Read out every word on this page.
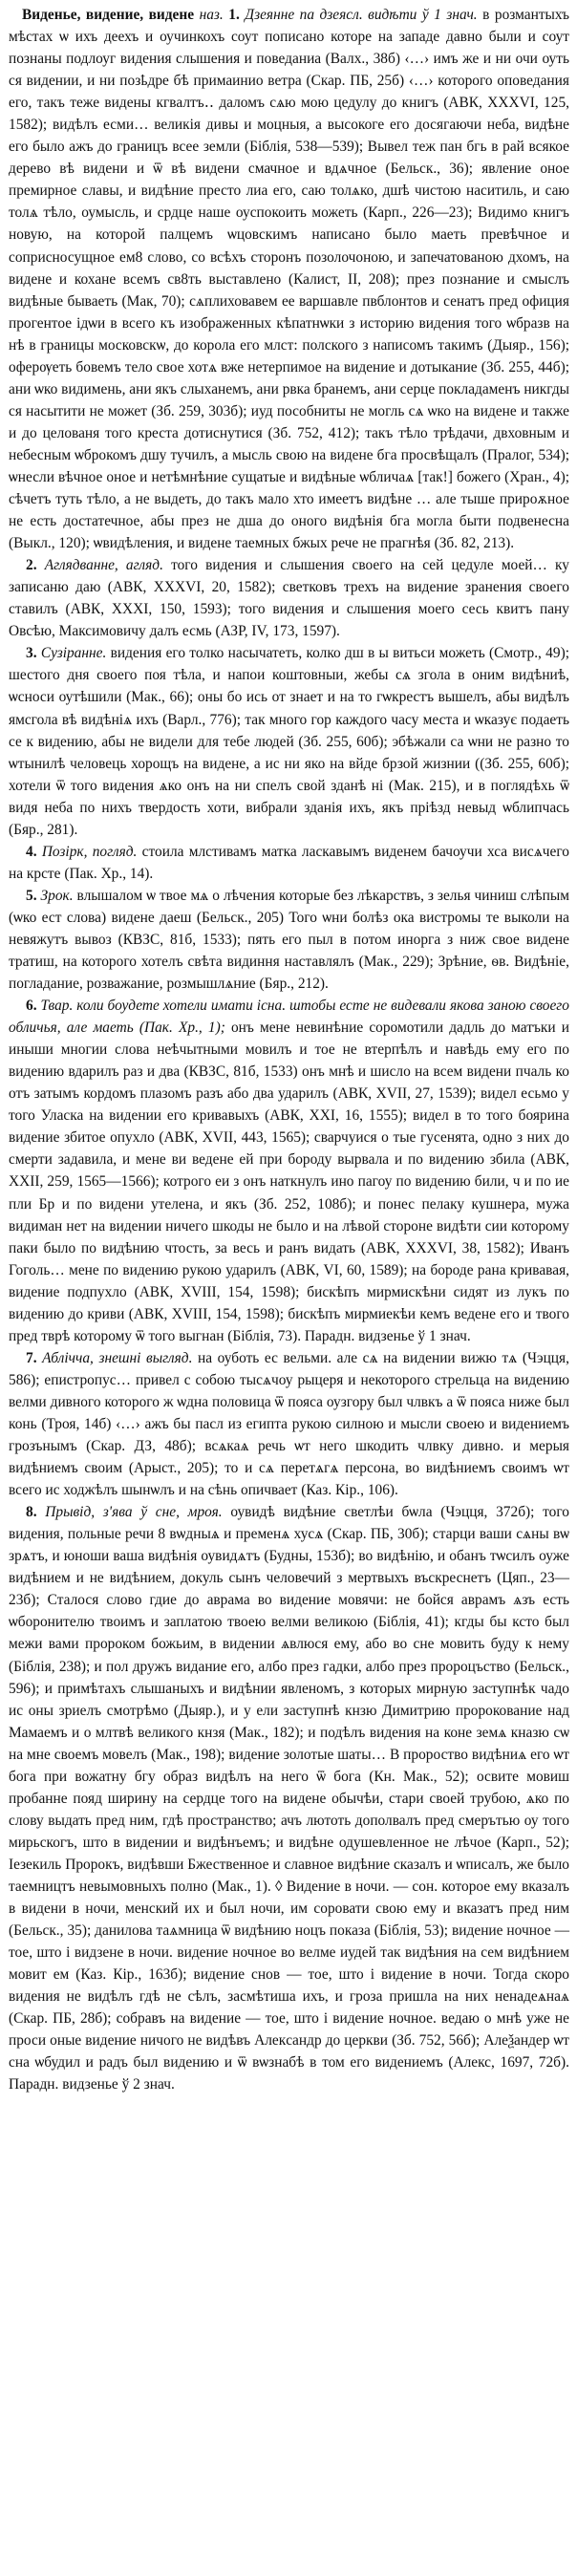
Виденье, видение, видене наз. 1. Дзеянне па дзеясл. видѣти ў 1 знач. в розмантыхъ мѣстах ѡ ихъ деехъ и оучинкохъ соут пописано которе на западе давно были и соут познаны подлоуг видения слышения и поведаниа (Валх., 38б) ‹…› имъ же и ни очи оуть ся видении, и ни позҍдре бѣ примаинио ветра (Скар. ПБ, 25б) ‹…› которого оповедания его, такъ теже видены кгвалтъ‥ даломъ сѧю мою цедулу до книгъ (АВК, XXXVI, 125, 1582); видѣлъ есми… великія дивы и моцныя, а высокоге его досягаючи неба, видѣне его было ажъ до границъ всее земли (Біблія, 538—539); Вывел теж пан бгь в рай всякое дерево вѣ видени и ѿ вѣ видени смачное и вдѧчное (Бельск., 36); явление оное премирное славы, и видѣние престо лиа его, саю толѧко, дшѣ чистою наситиль, и саю толѧ тѣло, оумысль, и срдце наше оуспокоить можеть (Карп., 226—23); Видимо книгъ новую, на которой палцемъ ѡцовскимъ написано было маеть превѣчное и соприсносущное ем8 слово, со всѣхъ сторонъ позолочоною, и запечатованою дхомъ, на видене и кохане всемъ св8ть выставлено (Калист, II, 208); през познание и смыслъ видѣные бываеть (Мак, 70); сѧплиховавем ее варшавле пвблонтов и сенатъ пред официя прогентое ідѡи в всего къ изображенных кѣпатнѡки з историю видения того ѡбразв на нѣ в границы московскѡ, до корола его млст: полского з написомъ такимъ (Дыяр., 156); оферѹеть бовемъ тело свое хотѧ вже нетерпимое на видение и дотыкание (Зб. 255, 44б); ани ѡко видимень, ани якъ слыханемъ, ани рвка бранемъ, ани серце покладаменъ никгды ся насытити не может (Зб. 259, 303б); иуд пособниты не могль сѧ ѡко на видене и также и до целованя того креста дотиснутися (Зб. 752, 412); такъ тѣло трѣдачи, двховным и небесным ѡброкомъ дшу тучилъ, а мысль свою на видене бга просвѣщалъ (Пралог, 534); ѡнесли вѣчное оное и нетѣмнѣние сущатые и видѣные ѡбличаѧ [так!] божего (Хран., 4); сѣчетъ туть тѣло, а не выдеть, до такъ мало хто имеетъ видѣне … але тыше прироѫное не есть достатечное, абы през не дша до оного видѣнія бга могла быти подвенесна (Выкл., 120); ѡвидѣления, и видене таемных бжых рече не прагнѣя (Зб. 82, 213).

2. Аглядванне, агляд. того видения и слышения своего на сей цедуле моей… ку записаню даю (АВК, XXXVI, 20, 1582); светковъ трехъ на видение зранения своего ставилъ (АВК, XXXI, 150, 1593); того видения и слышения моего сесь квитъ пану Овсѣю, Максимовичу далъ есмь (АЗР, IV, 173, 1597).

3. Сузіранне. видения его толко насычатеть, колко дш в ы витьси можеть (Смотр., 49); шестого дня своего поя тѣла, и напои коштовныи, жебы сѧ згола в оним видѣниѣ, ѡсноси оутѣшили (Мак., 66); оны бо ись от знает и на то гѡкрестъ вышелъ, абы видѣлъ ямсгола вѣ видѣніѧ ихъ (Варл., 776); так много гор каждого часу места и ѡказує подаеть се к видению, абы не видели для тебе людей (Зб. 255, 60б); эбѣжали са ѡни не разно то ѡтынилѣ человець хорощъ на видене, а ис ни яко на вйде брзой жизнии ((Зб. 255, 60б); хотели ѿ того видения ѧко онъ на ни спелъ свой зданѣ ні (Мак. 215), и в поглядѣхь ѿ видя неба по нихъ твердость хоти, вибрали зданія ихъ, якъ пріѣзд невыд ѡблипчась (Бяр., 281).

4. Позірк, погляд. стоила млстивамъ матка ласкавымъ виденем бачоучи хса висѧчего на крсте (Пак. Хр., 14).

5. Зрок. влышалом ѡ твое мѧ о лѣчения которые без лѣкарствъ, з зелья чиниш слѣпым (ѡко ест слова) видене даеш (Бельск., 205) Того ѡни болѣз ока вистромы те выколи на невяжутъ вывоз (КВЗС, 81б, 1533); пять его пыл в потом инорга з ниж свое видене тратиш, на которого хотелъ свѣта видиння наставлялъ (Мак., 229); Зрѣние, ѳв. Видѣніе, погладание, розважание, розмышлѧние (Бяр., 212).

6. Твар. коли боудете хотели имати існа. штобы есте не видевали якова заною своего обличья, але маеть (Пак. Хр., 1); онъ мене невинѣние соромотили дадль до матъки и иныши многии слова неѣчытными мовилъ и тое не втерпѣлъ и навѣдь ему его по видению вдарилъ раз и два (КВЗС, 81б, 1533) онъ мнѣ и шисло на всем видени пчаль ко отъ затымъ кордомъ плазомъ разъ або два ударилъ (АВК, XVII, 27, 1539); видел есьмо у того Уласка на видении его кривавыхъ (АВК, XXI, 16, 1555); видел в то того боярина видение збитое опухло (АВК, XVII, 443, 1565); сварчуися о тые гусенята, одно з них до смерти задавила, и мене ви ведене ей при бороду вырвала и по видению збила (АВК, XXII, 259, 1565—1566); котрого еи з онъ наткнулъ ино пагоу по видению били, ч и по ие пли Бр и по видени утелена, и якъ (Зб. 252, 108б); и понес пелаку кушнера, мужа видиман нет на видении ничего шкоды не было и на лѣвой стороне видѣти сии которому паки было по видѣнию чтость, за весь и ранъ видать (АВК, XXXVI, 38, 1582); Иванъ Гоголь… мене по видению рукою ударилъ (АВК, VI, 60, 1589); на бороде рана кривавая, видение подпухло (АВК, XVIII, 154, 1598); бискѣпъ мирмискѣни сидят из лукъ по видению до криви (АВК, XVIII, 154, 1598); бискѣпъ мирмиекѣи кемъ ведене его и твого пред тврѣ которому ѿ того выгнан (Біблія, 73). Парадн. видзенье ў 1 знач.

7. Абліччa, знешні выгляд. на оуботь ес вельми. але сѧ на видении вижю тѧ (Чэцця, 586); епистропус… привел с собою тысѧчоу рыцеря и некоторого стрельца на видению велми дивного которого ж ѡдна половица ѿ пояса оузгору был члвкъ а ѿ пояса ниже был конь (Троя, 14б) ‹…› ажъ бы пасл из египта рукою силною и мысли своею и видениемъ грозънымъ (Скар. ДЗ, 48б); всѧкаѧ речь ѡт него шкодить члвку дивно. и мерыя видѣниемъ своим (Арыст., 205); то и сѧ перетѧгѧ персона, во видѣниемъ своимъ ѡт всего ис ходжѣлъ шынѡлъ и на сѣнь опичвает (Каз. Кір., 106).

8. Прывід, з'ява ў сне, мроя. оувидѣ видѣние светлѣи бѡла (Чэцця, 372б); того видения, польные речи 8 вѡдныѧ и пременѧ хусѧ (Скар. ПБ, 30б); старци ваши сѧны вѡ зрѧтъ, и юноши ваша видѣнія оувидѧтъ (Будны, 153б); во видѣнію, и обанъ тѡсилъ оуже видѣнием и не видѣнием, докуль сынъ человечий з мертвыхъ въскреснетъ (Цяп., 23—23б); Сталося слово гдие до аврама во видение мовячи: не бойся аврамъ ѧзъ есть ѡборонителю твоимъ и заплатою твоею велми великою (Біблія, 41); кгды бы ксто был межи вами пророком божьим, в видении ѧвлюся ему, або во сне мовить буду к нему (Біблія, 238); и пол дружъ видание его, албо през гадки, албо през пророцъство (Бельск., 596); и примѣтахъ слышаныхъ и видѣнии явленомъ, з которых мирную заступнѣк чадо ис оны зриелъ смотрѣмо (Дыяр.), и у ели заступнѣ кнзю Димитрию пророкование над Мамаемъ и о млтвѣ великого кнзя (Мак., 182); и подѣлъ видения на коне земѧ кназю сѡ на мне своемъ мовелъ (Мак., 198); видение золотые шаты… В пророство видѣниѧ его ѡт бога при вожатну бгу образ видѣлъ на него ѿ бога (Кн. Мак., 52); освите мовиш пробанне пояд ширину на сердце того на видене обычѣи, стари своей трубою, ѧко по слову выдать пред ним, гдѣ пространство; ачъ лютоть дополвалъ пред смерътью оу того мирьскогъ, што в видении и видѣнъемъ; и видѣне одушевленное не лѣчое (Карп., 52); Ieзекиль Пророкъ, видѣвши Бжественное и славное видѣние сказалъ и ѡписалъ, же было таемництъ невымовныхъ полно (Мак., 1). ◊ Видение в ночи. — сон. которое ему вказалъ в видени в ночи, менский их и был ночи, им соровати свою ему и вказатъ пред ним (Бельск., 35); данилова таѧмница ѿ видѣнию ноцъ показа (Біблія, 53); видение ночное — тое, што і видзене в ночи. видение ночное во велме иудей так видѣния на сем видѣнием мовит ем (Каз. Кір., 163б); видение снов — тое, што і видение в ночи. Тогда скоро видения не видѣлъ гдѣ не сѣлъ, засмѣтиша ихъ, и гроза пришла на них ненадеѧнаѧ (Скар. ПБ, 28б); собравъ на видение — тое, што і видение ночное. ведаю о мнѣ уже не проси оные видение ничого не видѣвъ Алекcандр до церкви (Зб. 752, 56б); Алеѯандер ѡт сна ѡбудил и радъ был видению и ѿ вѡзнабѣ в том его видениемъ (Алекс, 1697, 72б). Парадн. видзенье ў 2 знач.
